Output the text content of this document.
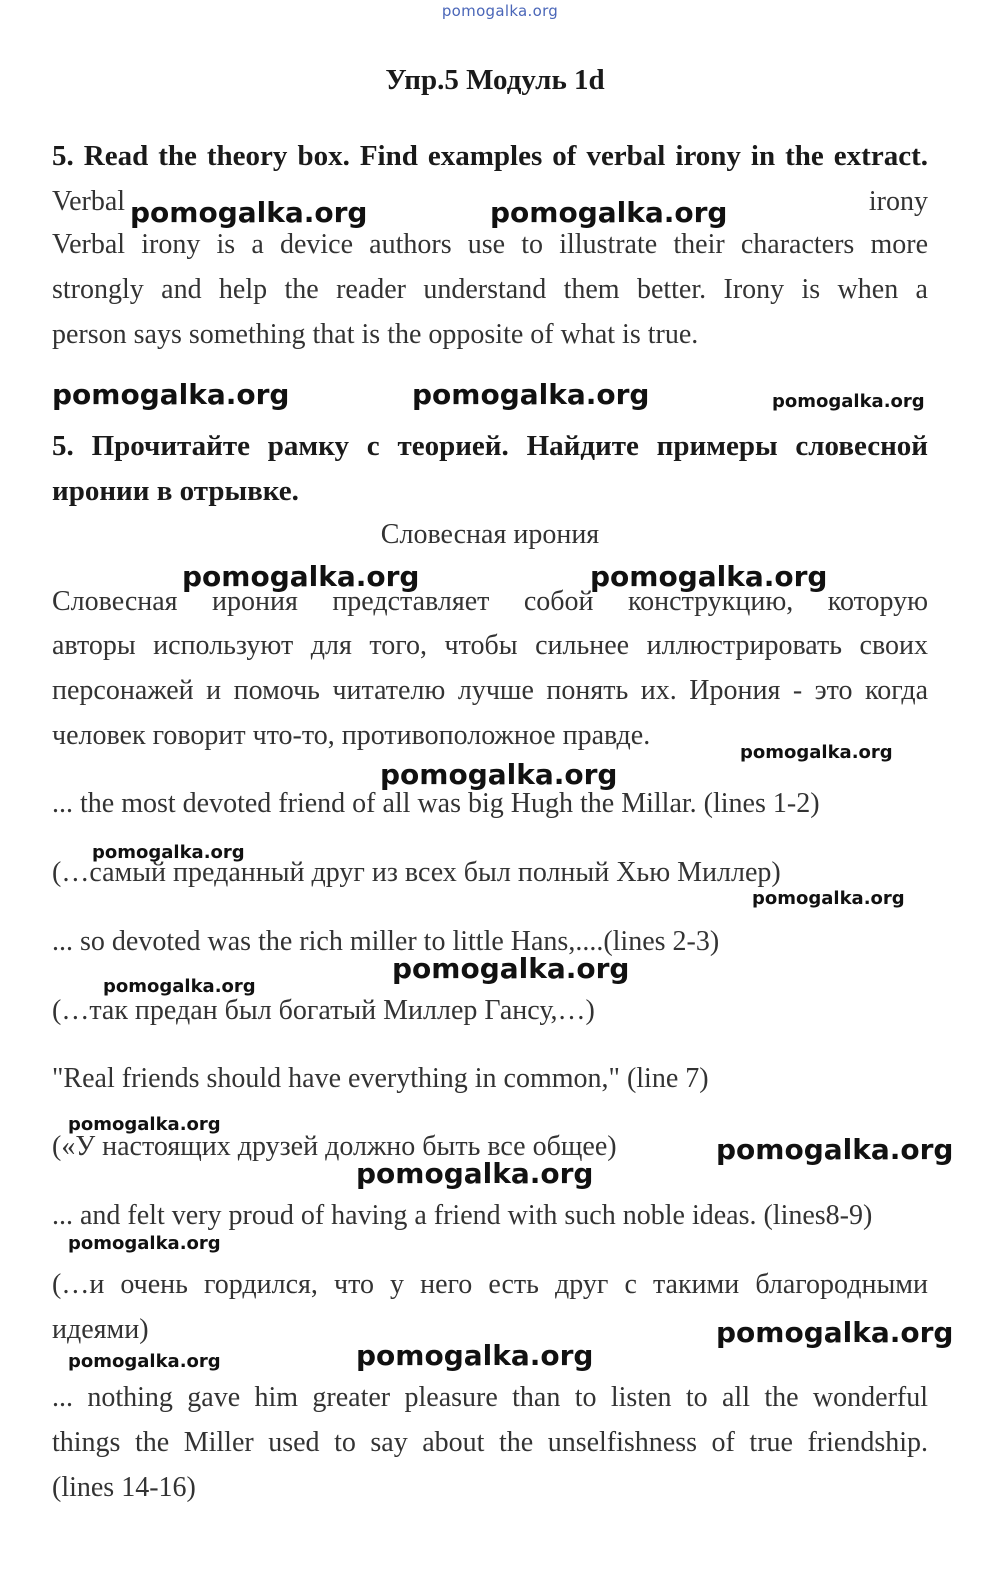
pomogalka.org
Упр.5 Модуль 1d
5. Read the theory box. Find examples of verbal irony in the extract.
Verbal	irony
Verbal irony is a device authors use to illustrate their characters more
strongly and help the reader understand them better. Irony is when a
person says something that is the opposite of what is true.
5. Прочитайте рамку с теорией. Найдите примеры словесной
иронии в отрывке.
Словесная ирония
Словесная ирония представляет собой конструкцию, которую
авторы используют для того, чтобы сильнее иллюстрировать своих
персонажей и помочь читателю лучше понять их. Ирония - это когда
человек говорит что-то, противоположное правде.
... the most devoted friend of all was big Hugh the Millar. (lines 1-2)
(…самый преданный друг из всех был полный Хью Миллер)
... so devoted was the rich miller to little Hans,....(lines 2-3)
(…так предан был богатый Миллер Гансу,…)
"Real friends should have everything in common," (line 7)
(«У настоящих друзей должно быть все общее)
... and felt very proud of having a friend with such noble ideas. (lines8-9)
(…и очень гордился, что у него есть друг с такими благородными
идеями)
... nothing gave him greater pleasure than to listen to all the wonderful
things the Miller used to say about the unselfishness of true friendship.
(lines 14-16)
pomogalka.org	pomogalka.org
pomogalka.org	pomogalka.org	pomogalka.org
pomogalka.org	pomogalka.org
pomogalka.org
pomogalka.org
pomogalka.org
pomogalka.org
pomogalka.org
pomogalka.org
pomogalka.org
pomogalka.org
pomogalka.org
pomogalka.org
pomogalka.org
pomogalka.org
pomogalka.org
